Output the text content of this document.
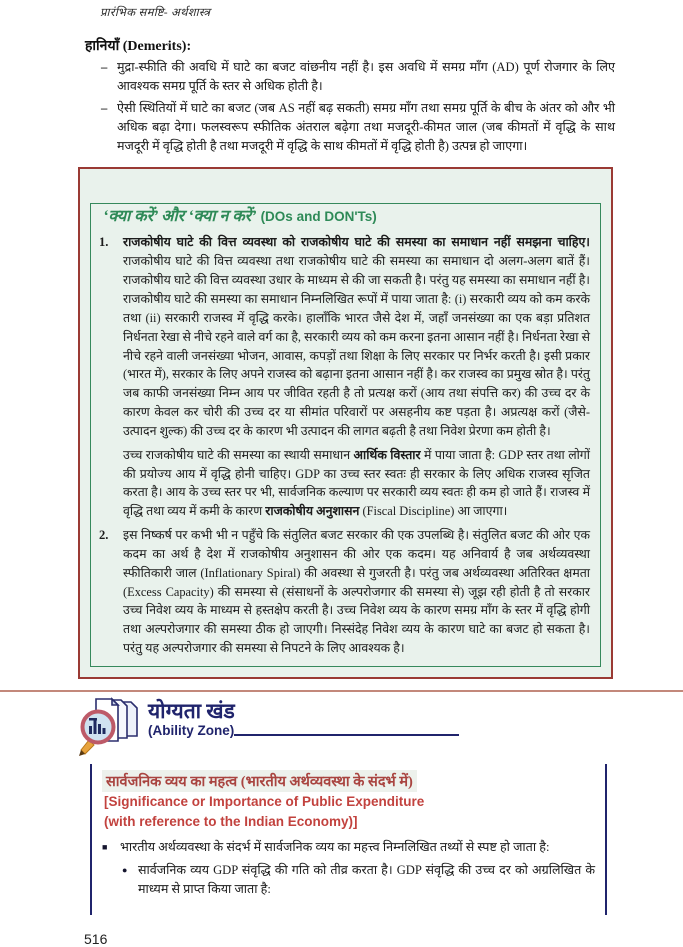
प्रारंभिक समष्टि- अर्थशास्त्र
हानियाँ (Demerits):
– मुद्रा-स्फीति की अवधि में घाटे का बजट वांछनीय नहीं है। इस अवधि में समग्र माँग (AD) पूर्ण रोजगार के लिए आवश्यक समग्र पूर्ति के स्तर से अधिक होती है।
– ऐसी स्थितियों में घाटे का बजट (जब AS नहीं बढ़ सकती) समग्र माँग तथा समग्र पूर्ति के बीच के अंतर को और भी अधिक बढ़ा देगा। फलस्वरूप स्फीतिक अंतराल बढ़ेगा तथा मजदूरी-कीमत जाल (जब कीमतों में वृद्धि के साथ मजदूरी में वृद्धि होती है तथा मजदूरी में वृद्धि के साथ कीमतों में वृद्धि होती है) उत्पन्न हो जाएगा।
‘क्या करें’ और ‘क्या न करें’ (DOs and DON'Ts)
1.	राजकोषीय घाटे की वित्त व्यवस्था को राजकोषीय घाटे की समस्या का समाधान नहीं समझना चाहिए। राजकोषीय घाटे की वित्त व्यवस्था तथा राजकोषीय घाटे की समस्या का समाधान दो अलग-अलग बातें हैं। राजकोषीय घाटे की वित्त व्यवस्था उधार के माध्यम से की जा सकती है। परंतु यह समस्या का समाधान नहीं है। राजकोषीय घाटे की समस्या का समाधान निम्नलिखित रूपों में पाया जाता है: (i) सरकारी व्यय को कम करके तथा (ii) सरकारी राजस्व में वृद्धि करके। हालाँकि भारत जैसे देश में, जहाँ जनसंख्या का एक बड़ा प्रतिशत निर्धनता रेखा से नीचे रहने वाले वर्ग का है, सरकारी व्यय को कम करना इतना आसान नहीं है। निर्धनता रेखा से नीचे रहने वाली जनसंख्या भोजन, आवास, कपड़ों तथा शिक्षा के लिए सरकार पर निर्भर करती है। इसी प्रकार (भारत में), सरकार के लिए अपने राजस्व को बढ़ाना इतना आसान नहीं है। कर राजस्व का प्रमुख स्रोत है। परंतु जब काफी जनसंख्या निम्न आय पर जीवित रहती है तो प्रत्यक्ष करों (आय तथा संपत्ति कर) की उच्च दर के कारण केवल कर चोरी की उच्च दर या सीमांत परिवारों पर असहनीय कष्ट पड़ता है। अप्रत्यक्ष करों (जैसे- उत्पादन शुल्क) की उच्च दर के कारण भी उत्पादन की लागत बढ़ती है तथा निवेश प्रेरणा कम होती है।

उच्च राजकोषीय घाटे की समस्या का स्थायी समाधान आर्थिक विस्तार में पाया जाता है: GDP स्तर तथा लोगों की प्रयोज्य आय में वृद्धि होनी चाहिए। GDP का उच्च स्तर स्वतः ही सरकार के लिए अधिक राजस्व सृजित करता है। आय के उच्च स्तर पर भी, सार्वजनिक कल्याण पर सरकारी व्यय स्वतः ही कम हो जाते हैं। राजस्व में वृद्धि तथा व्यय में कमी के कारण राजकोषीय अनुशासन (Fiscal Discipline) आ जाएगा।

2.	इस निष्कर्ष पर कभी भी न पहुँचे कि संतुलित बजट सरकार की एक उपलब्धि है। संतुलित बजट की ओर एक कदम का अर्थ है देश में राजकोषीय अनुशासन की ओर एक कदम। यह अनिवार्य है जब अर्थव्यवस्था स्फीतिकारी जाल (Inflationary Spiral) की अवस्था से गुजरती है। परंतु जब अर्थव्यवस्था अतिरिक्त क्षमता (Excess Capacity) की समस्या से (संसाधनों के अल्परोजगार की समस्या से) जूझ रही होती है तो सरकार उच्च निवेश व्यय के माध्यम से हस्तक्षेप करती है। उच्च निवेश व्यय के कारण समग्र माँग के स्तर में वृद्धि होगी तथा अल्परोजगार की समस्या ठीक हो जाएगी। निस्संदेह निवेश व्यय के कारण घाटे का बजट हो सकता है। परंतु यह अल्परोजगार की समस्या से निपटने के लिए आवश्यक है।

योग्यता खंड
(Ability Zone)
सार्वजनिक व्यय का महत्व (भारतीय अर्थव्यवस्था के संदर्भ में)
[Significance or Importance of Public Expenditure
(with reference to the Indian Economy)]
■ भारतीय अर्थव्यवस्था के संदर्भ में सार्वजनिक व्यय का महत्त्व निम्नलिखित तथ्यों से स्पष्ट हो जाता है:
● सार्वजनिक व्यय GDP संवृद्धि की गति को तीव्र करता है। GDP संवृद्धि की उच्च दर को अग्रलिखित के माध्यम से प्राप्त किया जाता है:
516
